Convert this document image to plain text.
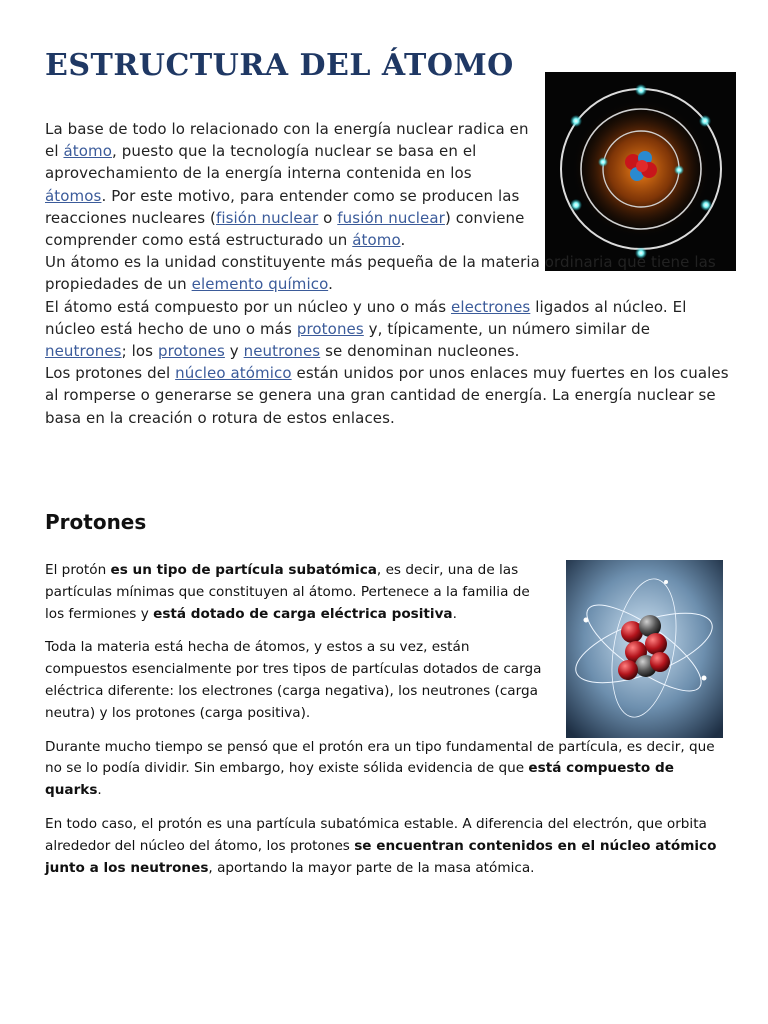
ESTRUCTURA DEL ÁTOMO

La base de todo lo relacionado con la energía nuclear radica en el átomo, puesto que la tecnología nuclear se basa en el aprovechamiento de la energía interna contenida en los átomos. Por este motivo, para entender como se producen las reacciones nucleares (fisión nuclear o fusión nuclear) conviene comprender como está estructurado un átomo.

Un átomo es la unidad constituyente más pequeña de la materia ordinaria que tiene las propiedades de un elemento químico.

El átomo está compuesto por un núcleo y uno o más electrones ligados al núcleo. El núcleo está hecho de uno o más protones y, típicamente, un número similar de neutrones; los protones y neutrones se denominan nucleones.

Los protones del núcleo atómico están unidos por unos enlaces muy fuertes en los cuales al romperse o generarse se genera una gran cantidad de energía. La energía nuclear se basa en la creación o rotura de estos enlaces.

Protones

El protón es un tipo de partícula subatómica, es decir, una de las partículas mínimas que constituyen al átomo. Pertenece a la familia de los fermiones y está dotado de carga eléctrica positiva.

Toda la materia está hecha de átomos, y estos a su vez, están compuestos esencialmente por tres tipos de partículas dotados de carga eléctrica diferente: los electrones (carga negativa), los neutrones (carga neutra) y los protones (carga positiva).

Durante mucho tiempo se pensó que el protón era un tipo fundamental de partícula, es decir, que no se lo podía dividir. Sin embargo, hoy existe sólida evidencia de que está compuesto de quarks.

En todo caso, el protón es una partícula subatómica estable. A diferencia del electrón, que orbita alrededor del núcleo del átomo, los protones se encuentran contenidos en el núcleo atómico junto a los neutrones, aportando la mayor parte de la masa atómica.
